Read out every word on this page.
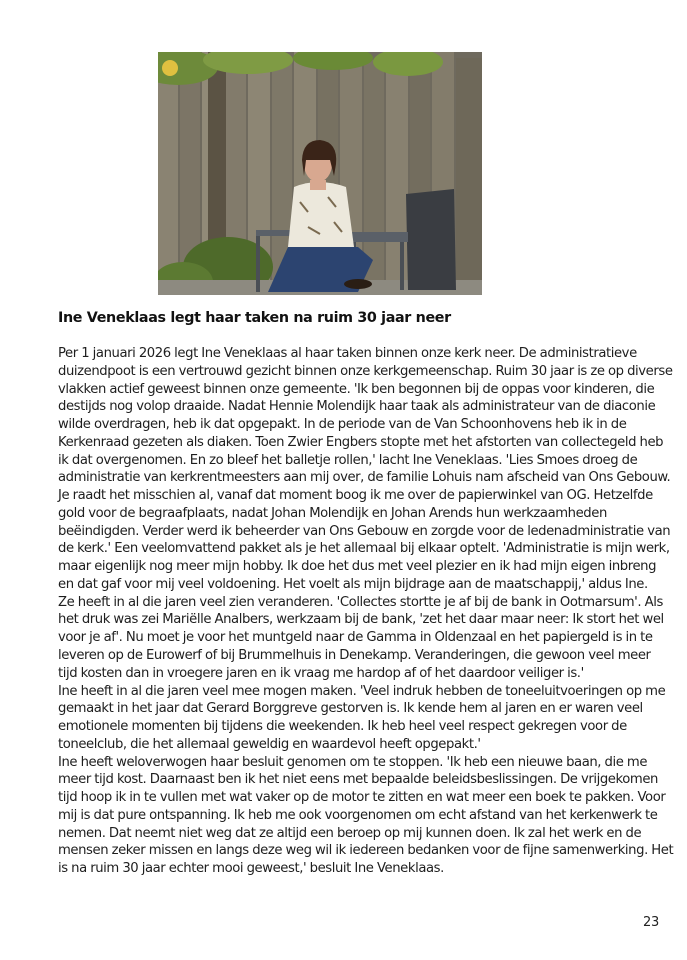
Ine Veneklaas legt haar taken na ruim 30 jaar neer
Per 1 januari 2026 legt Ine Veneklaas al haar taken binnen onze kerk neer. De administratieve
duizendpoot is een vertrouwd gezicht binnen onze kerkgemeenschap. Ruim 30 jaar is ze op diverse
vlakken actief geweest binnen onze gemeente. 'Ik ben begonnen bij de oppas voor kinderen, die
destijds nog volop draaide. Nadat Hennie Molendijk haar taak als administrateur van de diaconie
wilde overdragen, heb ik dat opgepakt. In de periode van de Van Schoonhovens heb ik in de
Kerkenraad gezeten als diaken. Toen Zwier Engbers stopte met het afstorten van collectegeld heb
ik dat overgenomen. En zo bleef het balletje rollen,' lacht Ine Veneklaas. 'Lies Smoes droeg de
administratie van kerkrentmeesters aan mij over, de familie Lohuis nam afscheid van Ons Gebouw.
Je raadt het misschien al, vanaf dat moment boog ik me over de papierwinkel van OG. Hetzelfde
gold voor de begraafplaats, nadat Johan Molendijk en Johan Arends hun werkzaamheden
beëindigden. Verder werd ik beheerder van Ons Gebouw en zorgde voor de ledenadministratie van
de kerk.' Een veelomvattend pakket als je het allemaal bij elkaar optelt. 'Administratie is mijn werk,
maar eigenlijk nog meer mijn hobby. Ik doe het dus met veel plezier en ik had mijn eigen inbreng
en dat gaf voor mij veel voldoening. Het voelt als mijn bijdrage aan de maatschappij,' aldus Ine.
Ze heeft in al die jaren veel zien veranderen. 'Collectes stortte je af bij de bank in Ootmarsum'. Als
het druk was zei Mariëlle Analbers, werkzaam bij de bank, 'zet het daar maar neer: Ik stort het wel
voor je af'. Nu moet je voor het muntgeld naar de Gamma in Oldenzaal en het papiergeld is in te
leveren op de Eurowerf of bij Brummelhuis in Denekamp. Veranderingen, die gewoon veel meer
tijd kosten dan in vroegere jaren en ik vraag me hardop af of het daardoor veiliger is.'
Ine heeft in al die jaren veel mee mogen maken. 'Veel indruk hebben de toneeluitvoeringen op me
gemaakt in het jaar dat Gerard Borggreve gestorven is. Ik kende hem al jaren en er waren veel
emotionele momenten bij tijdens die weekenden. Ik heb heel veel respect gekregen voor de
toneelclub, die het allemaal geweldig en waardevol heeft opgepakt.'
Ine heeft weloverwogen haar besluit genomen om te stoppen. 'Ik heb een nieuwe baan, die me
meer tijd kost. Daarnaast ben ik het niet eens met bepaalde beleidsbeslissingen. De vrijgekomen
tijd hoop ik in te vullen met wat vaker op de motor te zitten en wat meer een boek te pakken. Voor
mij is dat pure ontspanning. Ik heb me ook voorgenomen om echt afstand van het kerkenwerk te
nemen. Dat neemt niet weg dat ze altijd een beroep op mij kunnen doen. Ik zal het werk en de
mensen zeker missen en langs deze weg wil ik iedereen bedanken voor de fijne samenwerking. Het
is na ruim 30 jaar echter mooi geweest,' besluit Ine Veneklaas.
23
